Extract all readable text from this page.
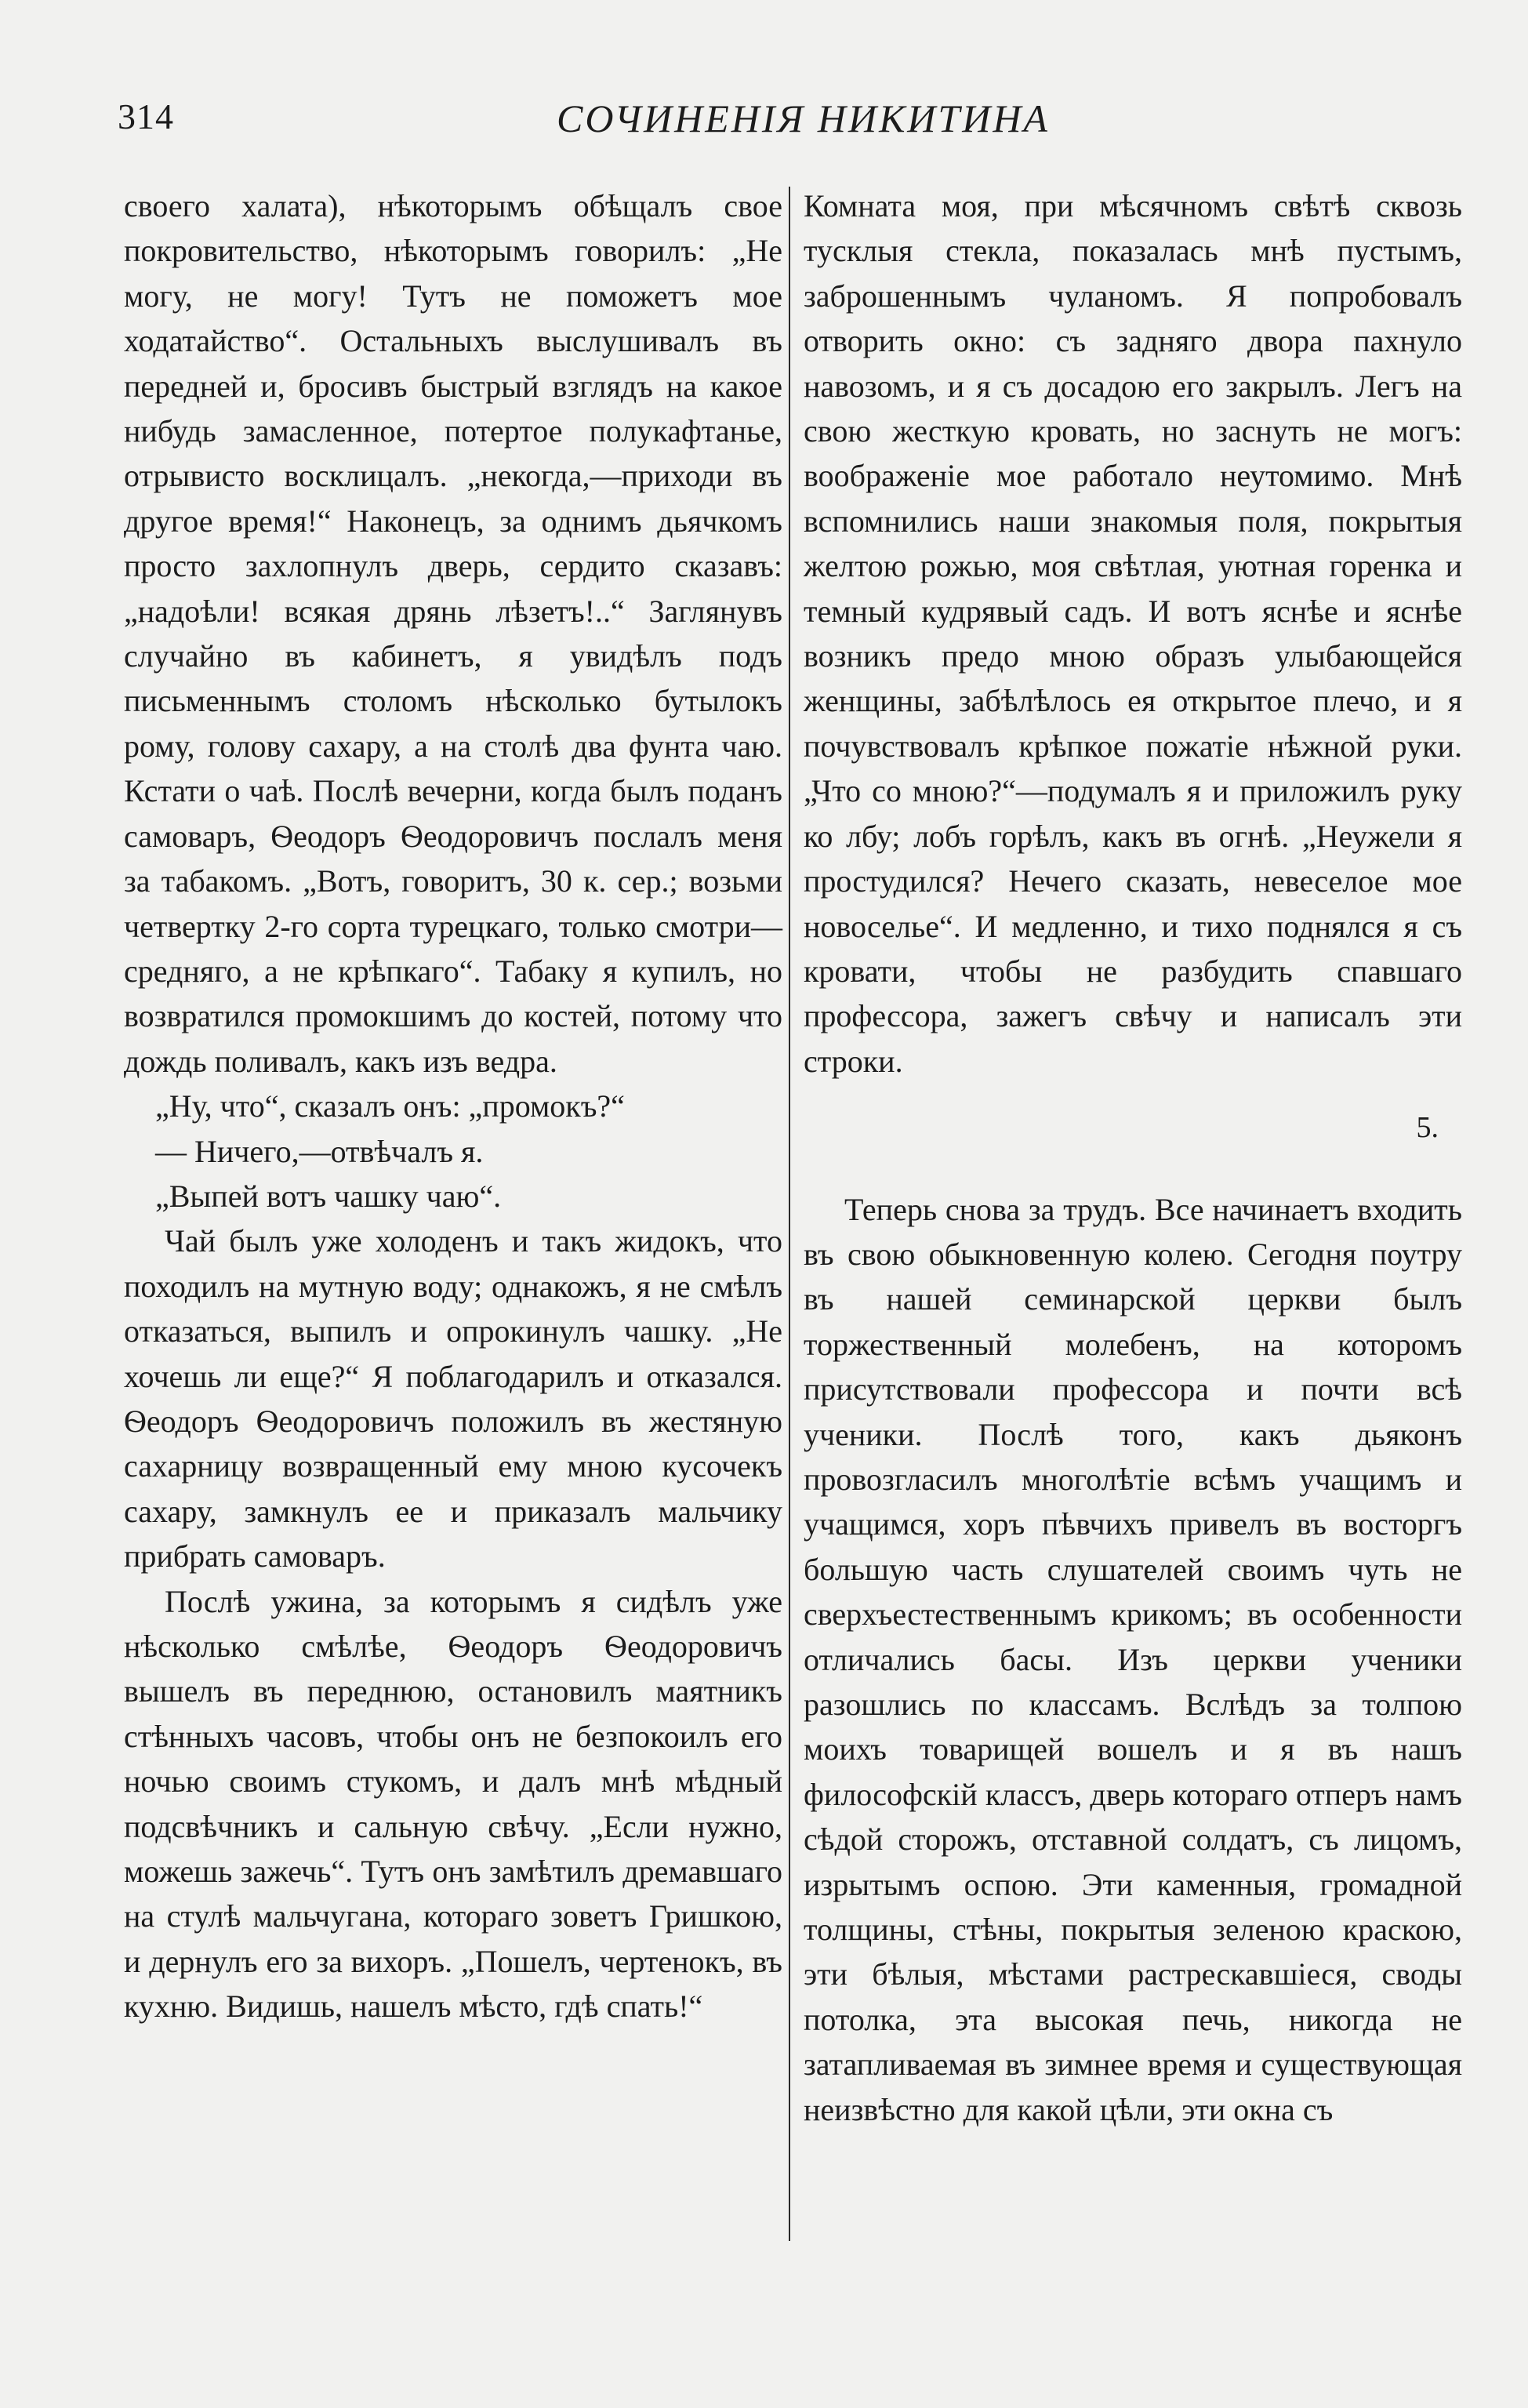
314	СОЧИНЕНІЯ НИКИТИНА

своего халата), нѣкоторымъ обѣщалъ свое покровительство, нѣкоторымъ говорилъ: „Не могу, не могу! Тутъ не поможетъ мое ходатайство“. Остальныхъ выслушивалъ въ передней и, бросивъ быстрый взглядъ на какое нибудь замасленное, потертое полукафтанье, отрывисто восклицалъ. „некогда,—приходи въ другое время!“ Наконецъ, за однимъ дьячкомъ просто захлопнулъ дверь, сердито сказавъ: „надоѣли! всякая дрянь лѣзетъ!..“ Заглянувъ случайно въ кабинетъ, я увидѣлъ подъ письменнымъ столомъ нѣсколько бутылокъ рому, голову сахару, а на столѣ два фунта чаю. Кстати о чаѣ. Послѣ вечерни, когда былъ поданъ самоваръ, Ѳеодоръ Ѳеодоровичъ послалъ меня за табакомъ. „Вотъ, говоритъ, 30 к. сер.; возьми четвертку 2-го сорта турецкаго, только смотри—средняго, а не крѣпкаго“. Табаку я купилъ, но возвратился промокшимъ до костей, потому что дождь поливалъ, какъ изъ ведра.

„Ну, что“, сказалъ онъ: „промокъ?“

— Ничего,—отвѣчалъ я.

„Выпей вотъ чашку чаю“.

Чай былъ уже холоденъ и такъ жидокъ, что походилъ на мутную воду; однакожъ, я не смѣлъ отказаться, выпилъ и опрокинулъ чашку. „Не хочешь ли еще?“ Я поблагодарилъ и отказался. Ѳеодоръ Ѳеодоровичъ положилъ въ жестяную сахарницу возвращенный ему мною кусочекъ сахару, замкнулъ ее и приказалъ мальчику прибрать самоваръ.

Послѣ ужина, за которымъ я сидѣлъ уже нѣсколько смѣлѣе, Ѳеодоръ Ѳеодоровичъ вышелъ въ переднюю, остановилъ маятникъ стѣнныхъ часовъ, чтобы онъ не безпокоилъ его ночью своимъ стукомъ, и далъ мнѣ мѣдный подсвѣчникъ и сальную свѣчу. „Если нужно, можешь зажечь“. Тутъ онъ замѣтилъ дремавшаго на стулѣ мальчугана, котораго зоветъ Гришкою, и дернулъ его за вихоръ. „Пошелъ, чертенокъ, въ кухню. Видишь, нашелъ мѣсто, гдѣ спать!“

Комната моя, при мѣсячномъ свѣтѣ сквозь тусклыя стекла, показалась мнѣ пустымъ, заброшеннымъ чуланомъ. Я попробовалъ отворить окно: съ задняго двора пахнуло навозомъ, и я съ досадою его закрылъ. Легъ на свою жесткую кровать, но заснуть не могъ: воображеніе мое работало неутомимо. Мнѣ вспомнились наши знакомыя поля, покрытыя желтою рожью, моя свѣтлая, уютная горенка и темный кудрявый садъ. И вотъ яснѣе и яснѣе возникъ предо мною образъ улыбающейся женщины, забѣлѣлось ея открытое плечо, и я почувствовалъ крѣпкое пожатіе нѣжной руки. „Что со мною?“—подумалъ я и приложилъ руку ко лбу; лобъ горѣлъ, какъ въ огнѣ. „Неужели я простудился? Нечего сказать, невеселое мое новоселье“. И медленно, и тихо поднялся я съ кровати, чтобы не разбудить спавшаго профессора, зажегъ свѣчу и написалъ эти строки.

5.

Теперь снова за трудъ. Все начинаетъ входить въ свою обыкновенную колею. Сегодня поутру въ нашей семинарской церкви былъ торжественный молебенъ, на которомъ присутствовали профессора и почти всѣ ученики. Послѣ того, какъ дьяконъ провозгласилъ многолѣтіе всѣмъ учащимъ и учащимся, хоръ пѣвчихъ привелъ въ восторгъ большую часть слушателей своимъ чуть не сверхъестественнымъ крикомъ; въ особенности отличались басы. Изъ церкви ученики разошлись по классамъ. Вслѣдъ за толпою моихъ товарищей вошелъ и я въ нашъ философскій классъ, дверь котораго отперъ намъ сѣдой сторожъ, отставной солдатъ, съ лицомъ, изрытымъ оспою. Эти каменныя, громадной толщины, стѣны, покрытыя зеленою краскою, эти бѣлыя, мѣстами растрескавшіеся, своды потолка, эта высокая печь, никогда не затапливаемая въ зимнее время и существующая неизвѣстно для какой цѣли, эти окна съ
